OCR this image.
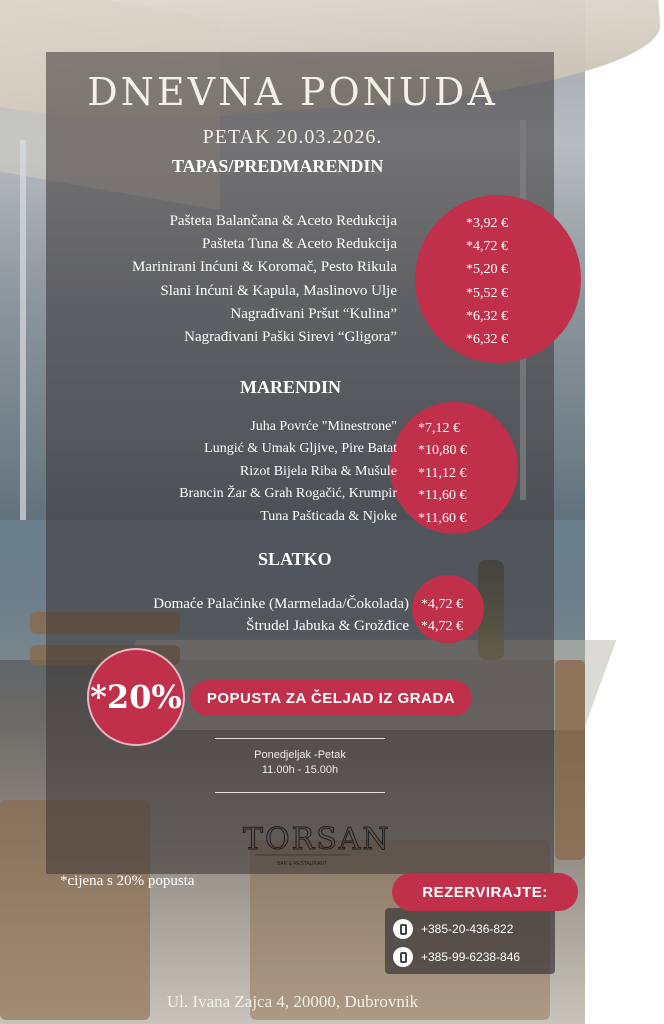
DNEVNA PONUDA
PETAK 20.03.2026.
TAPAS/PREDMARENDIN
Pašteta Balančana & Aceto Redukcija
Pašteta Tuna & Aceto Redukcija
Marinirani Inćuni & Koromač, Pesto Rikula
Slani Inćuni & Kapula, Maslinovo Ulje
Nagrađivani Pršut “Kulina”
Nagrađivani Paški Sirevi “Gligora”
*3,92 €
*4,72 €
*5,20 €
*5,52 €
*6,32 €
*6,32 €
MARENDIN
Juha Povrće "Minestrone"
Lungić & Umak Gljive, Pire Batat
Rizot Bijela Riba & Mušule
Brancin Žar & Grah Rogačić, Krumpir
Tuna Pašticada & Njoke
*7,12 €
*10,80 €
*11,12 €
*11,60 €
*11,60 €
SLATKO
Domaće Palačinke (Marmelada/Čokolada)
Štrudel Jabuka & Grožđice
*4,72 €
*4,72 €
POPUSTA ZA ČELJAD IZ GRADA
*20%
Ponedjeljak -Petak
11.00h - 15.00h
TORSAN
BAR & RESTAURANT
*cijena s 20% popusta
REZERVIRAJTE:
+385-20-436-822
+385-99-6238-846
Ul. Ivana Zajca 4, 20000, Dubrovnik
